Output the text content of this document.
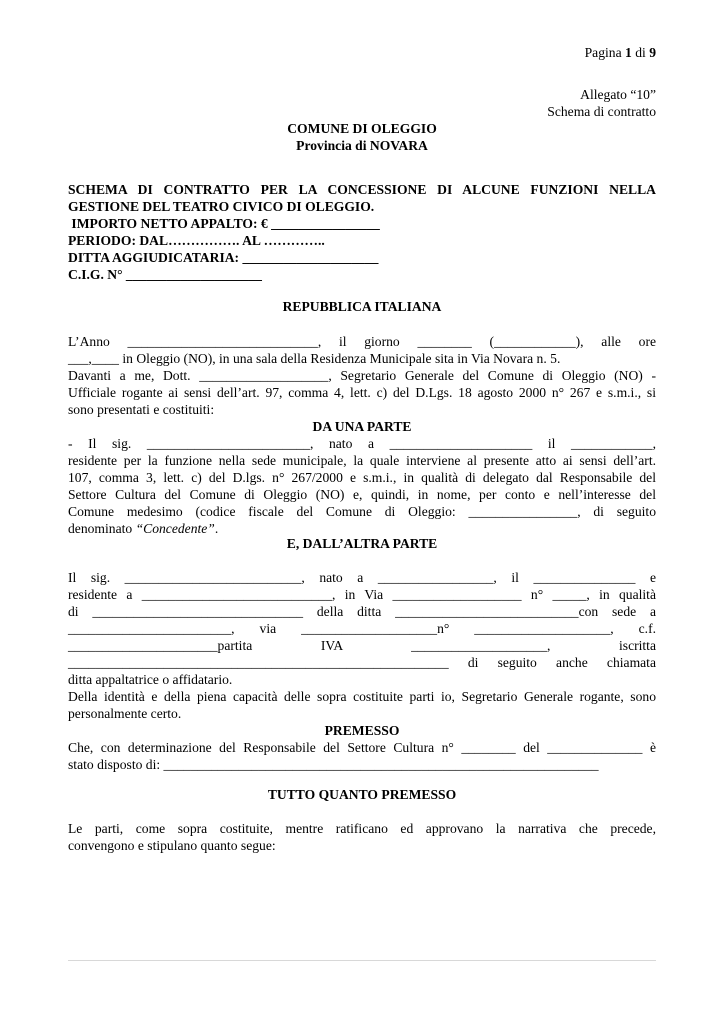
Pagina 1 di 9

Allegato “10”

Schema di contratto

COMUNE DI OLEGGIO

Provincia di NOVARA

SCHEMA DI CONTRATTO PER LA CONCESSIONE DI ALCUNE FUNZIONI NELLA

GESTIONE DEL TEATRO CIVICO DI OLEGGIO.

IMPORTO NETTO APPALTO: € ________________

PERIODO: DAL……………. AL …………..

DITTA AGGIUDICATARIA: ____________________

C.I.G. N° ____________________

REPUBBLICA ITALIANA

L’Anno ____________________________, il giorno ________ (____________), alle ore

___,____ in Oleggio (NO), in una sala della Residenza Municipale sita in Via Novara n. 5.

Davanti a me, Dott. ___________________, Segretario Generale del Comune di Oleggio (NO) -

Ufficiale rogante ai sensi dell’art. 97, comma 4, lett. c) del D.Lgs. 18 agosto 2000 n° 267 e s.m.i., si

sono presentati e costituiti:

DA UNA PARTE

- Il sig. ________________________, nato a _____________________ il ____________,

residente per la funzione nella sede municipale, la quale interviene al presente atto ai sensi dell’art.

107, comma 3, lett. c) del D.lgs. n° 267/2000 e s.m.i., in qualità di delegato dal Responsabile del

Settore Cultura del Comune di Oleggio (NO) e, quindi, in nome, per conto e nell’interesse del

Comune medesimo (codice fiscale del Comune di Oleggio: ________________, di seguito

denominato “Concedente”.

E, DALL’ALTRA PARTE

Il sig. __________________________, nato a _________________, il _______________ e

residente a ____________________________, in Via ___________________ n° _____, in qualità

di _______________________________ della ditta ___________________________con sede a

________________________, via ____________________n° ____________________, c.f.

______________________partita IVA ____________________, iscritta

________________________________________________________ di seguito anche chiamata

ditta appaltatrice o affidatario.

Della identità e della piena capacità delle sopra costituite parti io, Segretario Generale rogante, sono

personalmente certo.

PREMESSO

Che, con determinazione del Responsabile del Settore Cultura n° ________ del ______________ è

stato disposto di: ________________________________________________________________

TUTTO QUANTO PREMESSO

Le parti, come sopra costituite, mentre ratificano ed approvano la narrativa che precede,

convengono e stipulano quanto segue:
